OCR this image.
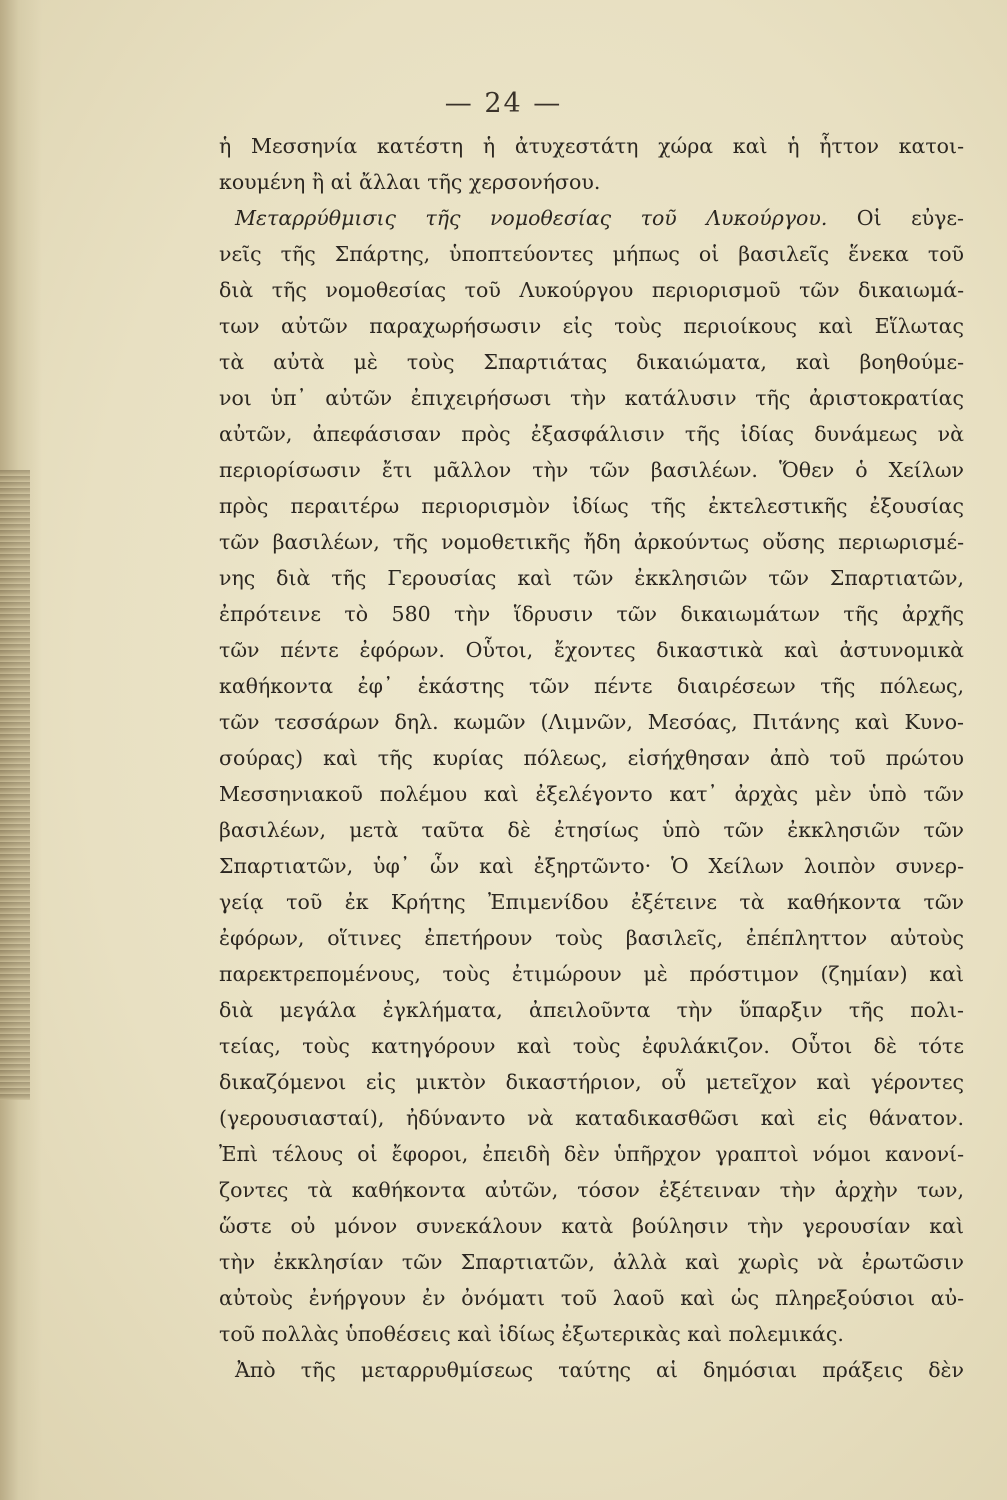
— 24 —
ἡ Μεσσηνία κατέστη ἡ ἀτυχεστάτη χώρα καὶ ἡ ἧττον κατοι-
κουμένη ἢ αἱ ἄλλαι τῆς χερσονήσου.
Μεταρρύθμισις τῆς νομοθεσίας τοῦ Λυκούργου. Οἱ εὐγε-
νεῖς τῆς Σπάρτης, ὑποπτεύοντες μήπως οἱ βασιλεῖς ἕνεκα τοῦ
διὰ τῆς νομοθεσίας τοῦ Λυκούργου περιορισμοῦ τῶν δικαιωμά-
των αὐτῶν παραχωρήσωσιν εἰς τοὺς περιοίκους καὶ Εἵλωτας
τὰ αὐτὰ μὲ τοὺς Σπαρτιάτας δικαιώματα, καὶ βοηθούμε-
νοι ὑπ᾽ αὐτῶν ἐπιχειρήσωσι τὴν κατάλυσιν τῆς ἀριστοκρατίας
αὐτῶν, ἀπεφάσισαν πρὸς ἐξασφάλισιν τῆς ἰδίας δυνάμεως νὰ
περιορίσωσιν ἔτι μᾶλλον τὴν τῶν βασιλέων. Ὅθεν ὁ Χείλων
πρὸς περαιτέρω περιορισμὸν ἰδίως τῆς ἐκτελεστικῆς ἐξουσίας
τῶν βασιλέων, τῆς νομοθετικῆς ἤδη ἀρκούντως οὔσης περιωρισμέ-
νης διὰ τῆς Γερουσίας καὶ τῶν ἐκκλησιῶν τῶν Σπαρτιατῶν,
ἐπρότεινε τὸ 580 τὴν ἵδρυσιν τῶν δικαιωμάτων τῆς ἀρχῆς
τῶν πέντε ἐφόρων. Οὗτοι, ἔχοντες δικαστικὰ καὶ ἀστυνομικὰ
καθήκοντα ἐφ᾽ ἑκάστης τῶν πέντε διαιρέσεων τῆς πόλεως,
τῶν τεσσάρων δηλ. κωμῶν (Λιμνῶν, Μεσόας, Πιτάνης καὶ Κυνο-
σούρας) καὶ τῆς κυρίας πόλεως, εἰσήχθησαν ἀπὸ τοῦ πρώτου
Μεσσηνιακοῦ πολέμου καὶ ἐξελέγοντο κατ᾽ ἀρχὰς μὲν ὑπὸ τῶν
βασιλέων, μετὰ ταῦτα δὲ ἐτησίως ὑπὸ τῶν ἐκκλησιῶν τῶν
Σπαρτιατῶν, ὑφ᾽ ὧν καὶ ἐξηρτῶντο· Ὁ Χείλων λοιπὸν συνερ-
γείᾳ τοῦ ἐκ Κρήτης Ἐπιμενίδου ἐξέτεινε τὰ καθήκοντα τῶν
ἐφόρων, οἵτινες ἐπετήρουν τοὺς βασιλεῖς, ἐπέπληττον αὐτοὺς
παρεκτρεπομένους, τοὺς ἐτιμώρουν μὲ πρόστιμον (ζημίαν) καὶ
διὰ μεγάλα ἐγκλήματα, ἀπειλοῦντα τὴν ὕπαρξιν τῆς πολι-
τείας, τοὺς κατηγόρουν καὶ τοὺς ἐφυλάκιζον. Οὗτοι δὲ τότε
δικαζόμενοι εἰς μικτὸν δικαστήριον, οὗ μετεῖχον καὶ γέροντες
(γερουσιασταί), ἠδύναντο νὰ καταδικασθῶσι καὶ εἰς θάνατον.
Ἐπὶ τέλους οἱ ἔφοροι, ἐπειδὴ δὲν ὑπῆρχον γραπτοὶ νόμοι κανονί-
ζοντες τὰ καθήκοντα αὐτῶν, τόσον ἐξέτειναν τὴν ἀρχὴν των,
ὥστε οὐ μόνον συνεκάλουν κατὰ βούλησιν τὴν γερουσίαν καὶ
τὴν ἐκκλησίαν τῶν Σπαρτιατῶν, ἀλλὰ καὶ χωρὶς νὰ ἐρωτῶσιν
αὐτοὺς ἐνήργουν ἐν ὀνόματι τοῦ λαοῦ καὶ ὡς πληρεξούσιοι αὐ-
τοῦ πολλὰς ὑποθέσεις καὶ ἰδίως ἐξωτερικὰς καὶ πολεμικάς.
Ἀπὸ τῆς μεταρρυθμίσεως ταύτης αἱ δημόσιαι πράξεις δὲν
